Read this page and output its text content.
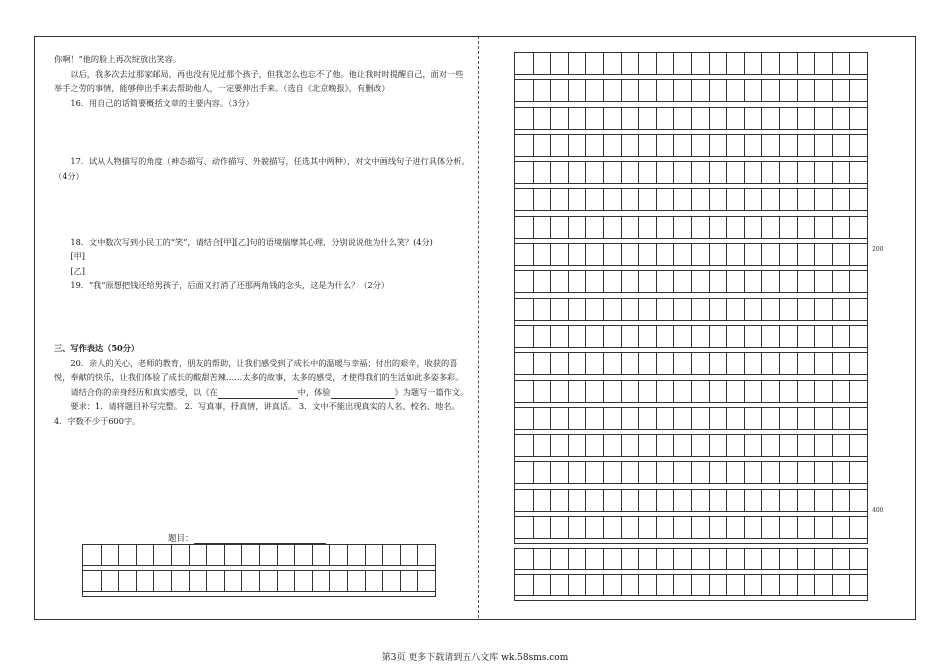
你啊！”他的脸上再次绽放出笑容。

以后，我多次去过那家邮局，再也没有见过那个孩子，但我怎么也忘不了他。他让我时时提醒自己，面对一些举手之劳的事情，能够伸出手来去帮助他人，一定要伸出手来。（选自《北京晚报》，有删改）

16．用自己的话简要概括文章的主要内容。（3分）

17．试从人物描写的角度（神态描写、动作描写、外貌描写，任选其中两种），对文中画线句子进行具体分析。（4分）

18．文中数次写到小民工的“笑”，请结合[甲][乙]句的语境揣摩其心理，分别说说他为什么笑？(4分)

[甲]

[乙]

19．“我”原想把钱还给男孩子，后面又打消了还那两角钱的念头，这是为什么？（2分）

三、写作表达（50分）

20．亲人的关心，老师的教育，朋友的帮助，让我们感受到了成长中的温暖与幸福；付出的艰辛，收获的喜悦，奉献的快乐，让我们体验了成长的酸甜苦辣……太多的故事，太多的感受，才使得我们的生活如此多姿多彩。

请结合你的亲身经历和真实感受，以《在	中，体验	》为题写一篇作文。

要求：1．请将题目补写完整。 2．写真事，抒真情，讲真话。 3．文中不能出现真实的人名、校名、地名。 4．字数不少于600字。

题目：
200
400
第3页 更多下载请到五八文库 wk.58sms.com
